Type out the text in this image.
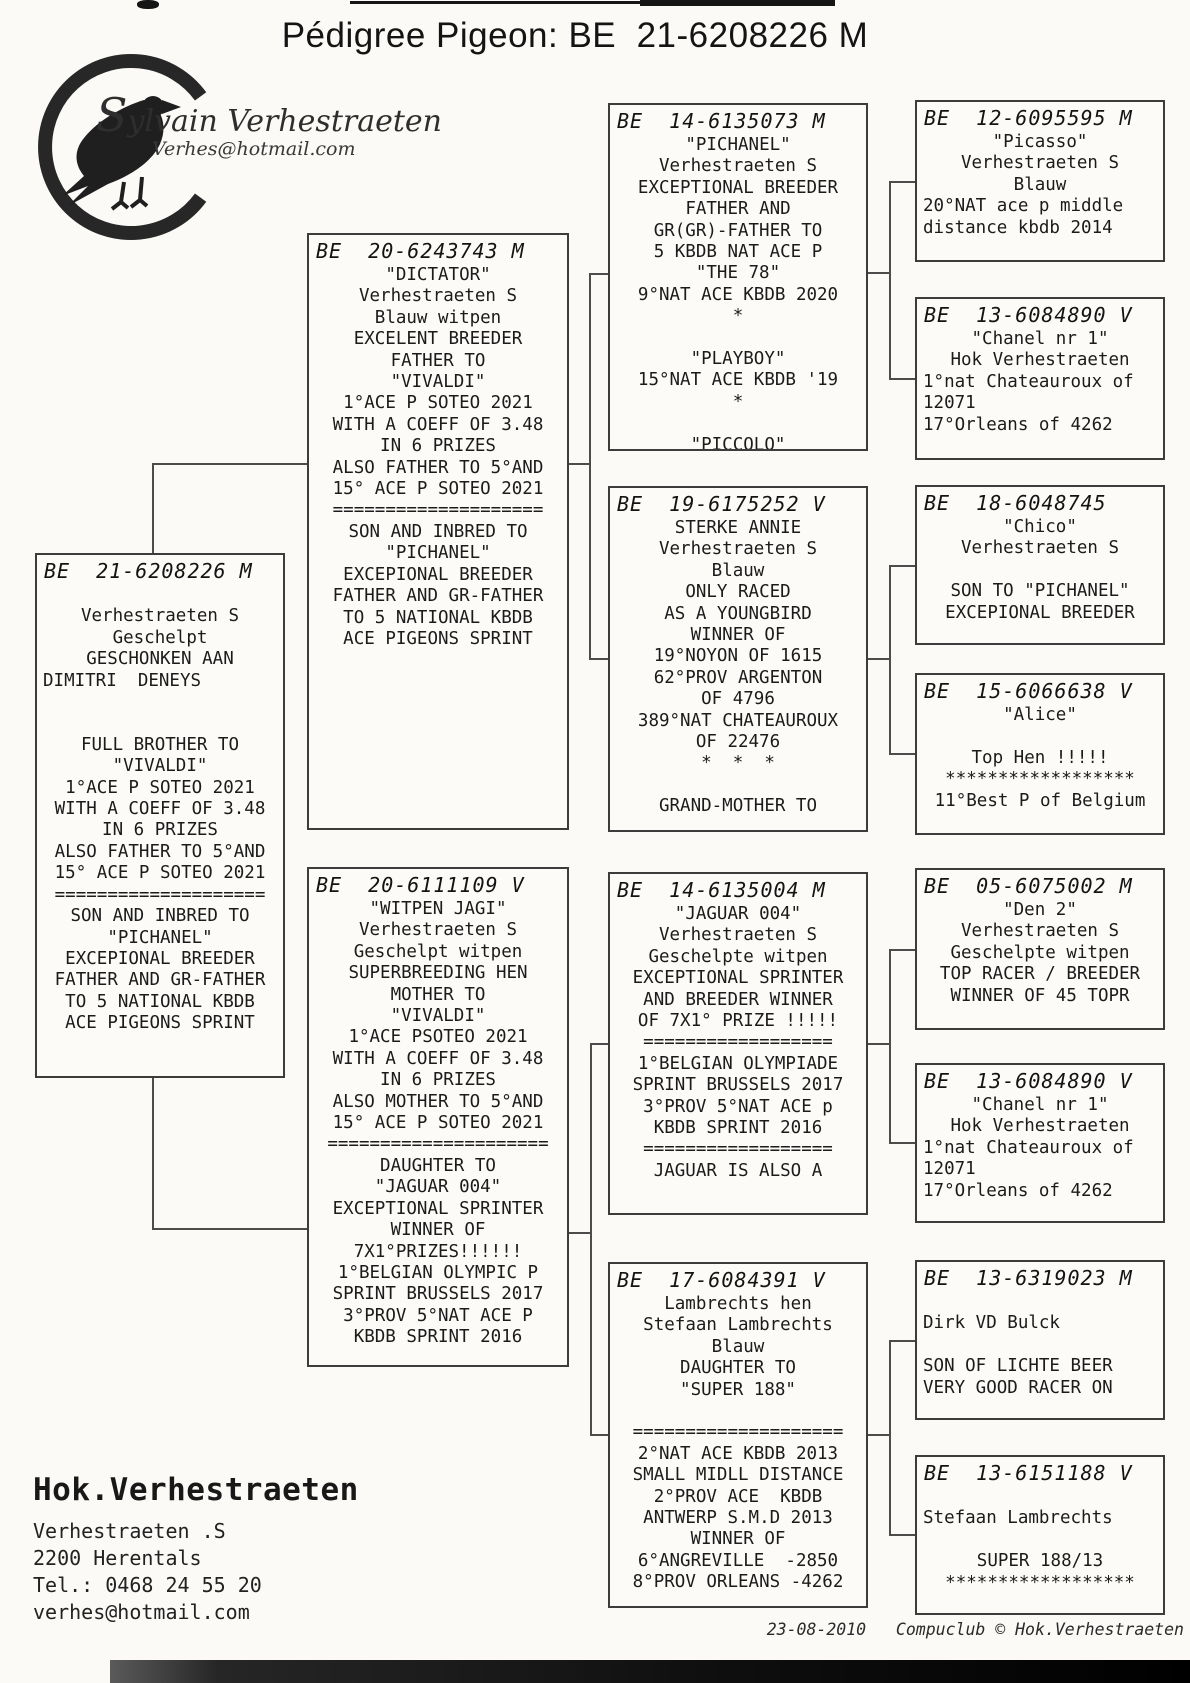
Pédigree Pigeon: BE  21-6208226 M
Sylvain Verhestraeten
Verhes@hotmail.com
BE  21-6208226 M

Verhestraeten S
Geschelpt
GESCHONKEN AAN
DIMITRI  DENEYS

FULL BROTHER TO
"VIVALDI"
1°ACE P SOTEO 2021
WITH A COEFF OF 3.48
IN 6 PRIZES
ALSO FATHER TO 5°AND
15° ACE P SOTEO 2021
====================
SON AND INBRED TO
"PICHANEL"
EXCEPIONAL BREEDER
FATHER AND GR-FATHER
TO 5 NATIONAL KBDB
ACE PIGEONS SPRINT
BE  20-6243743 M
"DICTATOR"
Verhestraeten S
Blauw witpen
EXCELENT BREEDER
FATHER TO
"VIVALDI"
1°ACE P SOTEO 2021
WITH A COEFF OF 3.48
IN 6 PRIZES
ALSO FATHER TO 5°AND
15° ACE P SOTEO 2021
====================
SON AND INBRED TO
"PICHANEL"
EXCEPIONAL BREEDER
FATHER AND GR-FATHER
TO 5 NATIONAL KBDB
ACE PIGEONS SPRINT
BE  20-6111109 V
"WITPEN JAGI"
Verhestraeten S
Geschelpt witpen
SUPERBREEDING HEN
MOTHER TO
"VIVALDI"
1°ACE PSOTEO 2021
WITH A COEFF OF 3.48
IN 6 PRIZES
ALSO MOTHER TO 5°AND
15° ACE P SOTEO 2021
=====================
DAUGHTER TO
"JAGUAR 004"
EXCEPTIONAL SPRINTER
WINNER OF
7X1°PRIZES!!!!!!
1°BELGIAN OLYMPIC P
SPRINT BRUSSELS 2017
3°PROV 5°NAT ACE P
KBDB SPRINT 2016
BE  14-6135073 M
"PICHANEL"
Verhestraeten S
EXCEPTIONAL BREEDER
FATHER AND
GR(GR)-FATHER TO
5 KBDB NAT ACE P
"THE 78"
9°NAT ACE KBDB 2020
*

"PLAYBOY"
15°NAT ACE KBDB '19
*

"PICCOLO"
BE  19-6175252 V
STERKE ANNIE
Verhestraeten S
Blauw
ONLY RACED
AS A YOUNGBIRD
WINNER OF
19°NOYON OF 1615
62°PROV ARGENTON
OF 4796
389°NAT CHATEAUROUX
OF 22476
*  *  *

GRAND-MOTHER TO
BE  14-6135004 M
"JAGUAR 004"
Verhestraeten S
Geschelpte witpen
EXCEPTIONAL SPRINTER
AND BREEDER WINNER
OF 7X1° PRIZE !!!!!
==================
1°BELGIAN OLYMPIADE
SPRINT BRUSSELS 2017
3°PROV 5°NAT ACE p
KBDB SPRINT 2016
==================
JAGUAR IS ALSO A
BE  17-6084391 V
Lambrechts hen
Stefaan Lambrechts
Blauw
DAUGHTER TO
"SUPER 188"

====================
2°NAT ACE KBDB 2013
SMALL MIDLL DISTANCE
2°PROV ACE  KBDB
ANTWERP S.M.D 2013
WINNER OF
6°ANGREVILLE  -2850
8°PROV ORLEANS -4262
BE  12-6095595 M
"Picasso"
Verhestraeten S
Blauw
20°NAT ace p middle
distance kbdb 2014
BE  13-6084890 V
"Chanel nr 1"
Hok Verhestraeten
1°nat Chateauroux of
12071
17°Orleans of 4262
BE  18-6048745
"Chico"
Verhestraeten S

SON TO "PICHANEL"
EXCEPIONAL BREEDER
BE  15-6066638 V
"Alice"

Top Hen !!!!!
******************
11°Best P of Belgium
BE  05-6075002 M
"Den 2"
Verhestraeten S
Geschelpte witpen
TOP RACER / BREEDER
WINNER OF 45 TOPR
BE  13-6084890 V
"Chanel nr 1"
Hok Verhestraeten
1°nat Chateauroux of
12071
17°Orleans of 4262
BE  13-6319023 M

Dirk VD Bulck

SON OF LICHTE BEER
VERY GOOD RACER ON
BE  13-6151188 V

Stefaan Lambrechts

SUPER 188/13
******************
Hok.Verhestraeten
Verhestraeten .S
2200 Herentals
Tel.: 0468 24 55 20
verhes@hotmail.com
23-08-2010 Compuclub © Hok.Verhestraeten
